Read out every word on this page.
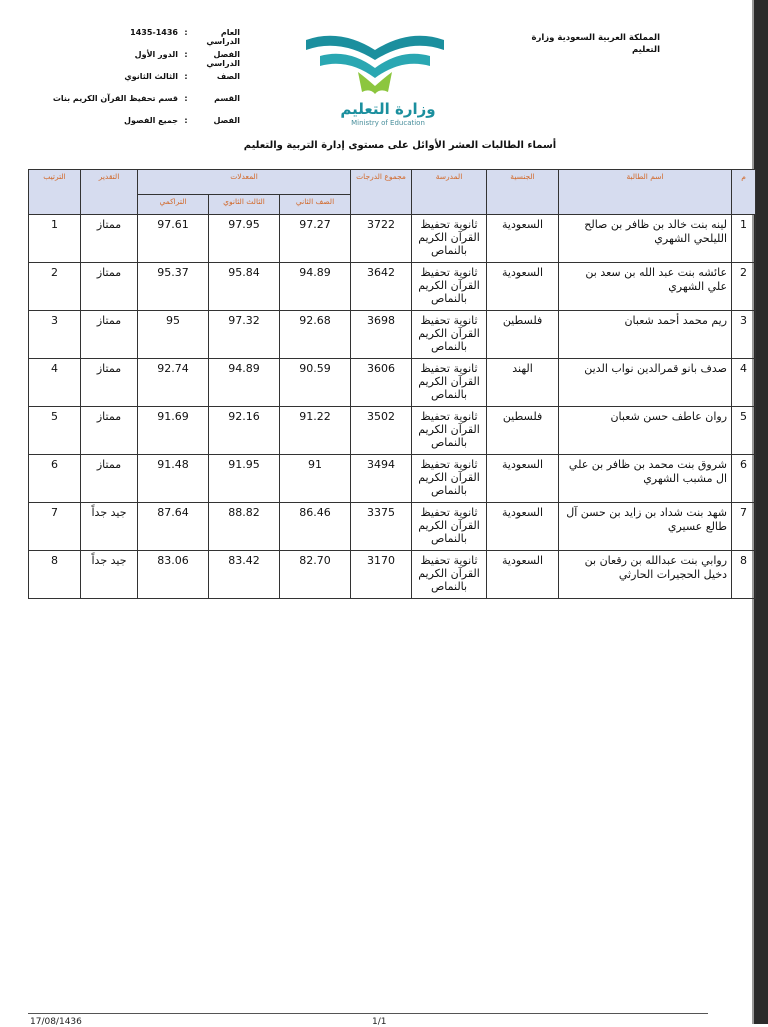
المملكة العربية السعودية وزارة التعليم
العام الدراسي
:
1435-1436
الفصل الدراسي
:
الدور الأول
الصف
:
الثالث الثانوي
القسم
:
قسم تحفيظ القرآن الكريم بنات
الفصل
:
جميع الفصول
وزارة التعليم
Ministry of Education
أسماء الطالبات العشر الأوائل على مستوى إدارة التربية والتعليم
م	اسم الطالبة	الجنسية	المدرسة	مجموع الدرجات	المعدلات			التقدير	الترتيب
					الصف الثاني	الثالث الثانوي	التراكمي		
1	لينه بنت خالد بن ظافر بن صالح الليلحي الشهري	السعودية	ثانوية تحفيظ القرآن الكريم بالنماص	3722	97.27	97.95	97.61	ممتاز	1
2	عائشه بنت عبد الله بن سعد بن علي الشهري	السعودية	ثانوية تحفيظ القرآن الكريم بالنماص	3642	94.89	95.84	95.37	ممتاز	2
3	ريم محمد أحمد شعبان	فلسطين	ثانوية تحفيظ القرآن الكريم بالنماص	3698	92.68	97.32	95	ممتاز	3
4	صدف بانو قمرالدين نواب الدين	الهند	ثانوية تحفيظ القرآن الكريم بالنماص	3606	90.59	94.89	92.74	ممتاز	4
5	روان عاطف حسن شعبان	فلسطين	ثانوية تحفيظ القرآن الكريم بالنماص	3502	91.22	92.16	91.69	ممتاز	5
6	شروق بنت محمد بن ظافر بن علي ال مشبب الشهري	السعودية	ثانوية تحفيظ القرآن الكريم بالنماص	3494	91	91.95	91.48	ممتاز	6
7	شهد بنت شداد بن زايد بن حسن آل طالع عسيري	السعودية	ثانوية تحفيظ القرآن الكريم بالنماص	3375	86.46	88.82	87.64	جيد جداً	7
8	روابي بنت عبدالله بن رقعان بن دخيل الحجيرات الحارثي	السعودية	ثانوية تحفيظ القرآن الكريم بالنماص	3170	82.70	83.42	83.06	جيد جداً	8
17/08/1436	1/1
